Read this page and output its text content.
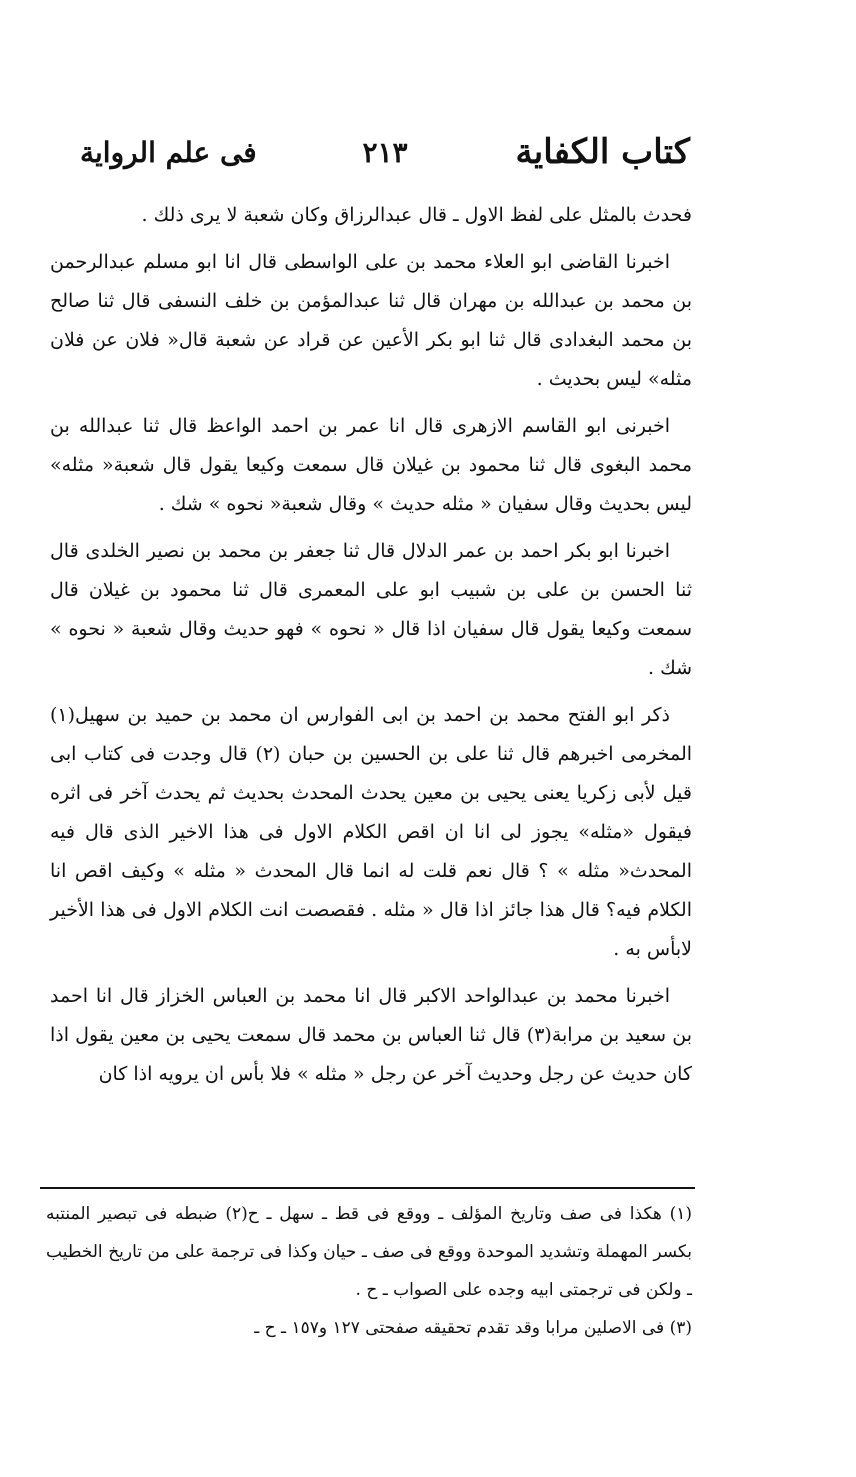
كتاب الكفاية
٢١٣
فى علم الرواية

فحدث بالمثل على لفظ الاول ـ قال عبدالرزاق وكان شعبة لا يرى ذلك .

اخبرنا القاضى ابو العلاء محمد بن على الواسطى قال انا ابو مسلم عبدالرحمن بن محمد بن عبدالله بن مهران قال ثنا عبدالمؤمن بن خلف النسفى قال ثنا صالح بن محمد البغدادى قال ثنا ابو بكر الأعين عن قراد عن شعبة قال« فلان عن فلان مثله» ليس بحديث .

اخبرنى ابو القاسم الازهرى قال انا عمر بن احمد الواعظ قال ثنا عبدالله بن محمد البغوى قال ثنا محمود بن غيلان قال سمعت وكيعا يقول قال شعبة« مثله» ليس بحديث وقال سفيان « مثله حديث » وقال شعبة« نحوه » شك .

اخبرنا ابو بكر احمد بن عمر الدلال قال ثنا جعفر بن محمد بن نصير الخلدى قال ثنا الحسن بن على بن شبيب ابو على المعمرى قال ثنا محمود بن غيلان قال سمعت وكيعا يقول قال سفيان اذا قال « نحوه » فهو حديث وقال شعبة « نحوه » شك .

ذكر ابو الفتح محمد بن احمد بن ابى الفوارس ان محمد بن حميد بن سهيل(١) المخرمى اخبرهم قال ثنا على بن الحسين بن حبان (٢) قال وجدت فى كتاب ابى قيل لأبى زكريا يعنى يحيى بن معين يحدث المحدث بحديث ثم يحدث آخر فى اثره فيقول «مثله» يجوز لى انا ان اقص الكلام الاول فى هذا الاخير الذى قال فيه المحدث« مثله » ؟ قال نعم قلت له انما قال المحدث « مثله » وكيف اقص انا الكلام فيه؟ قال هذا جائز اذا قال « مثله . فقصصت انت الكلام الاول فى هذا الأخير لابأس به .

اخبرنا محمد بن عبدالواحد الاكبر قال انا محمد بن العباس الخزاز قال انا احمد بن سعيد بن مرابة(٣) قال ثنا العباس بن محمد قال سمعت يحيى بن معين يقول اذا كان حديث عن رجل وحديث آخر عن رجل « مثله » فلا بأس ان يرويه اذا كان

(١) هكذا فى صف وتاريخ المؤلف ـ ووقع فى قط ـ سهل ـ ح(٢) ضبطه فى تبصير المنتبه بكسر المهملة وتشديد الموحدة ووقع فى صف ـ حيان وكذا فى ترجمة على من تاريخ الخطيب ـ ولكن فى ترجمتى ابيه وجده على الصواب ـ ح .

(٣) فى الاصلين مرابا وقد تقدم تحقيقه صفحتى ١٢٧ و١٥٧ ـ ح ـ
